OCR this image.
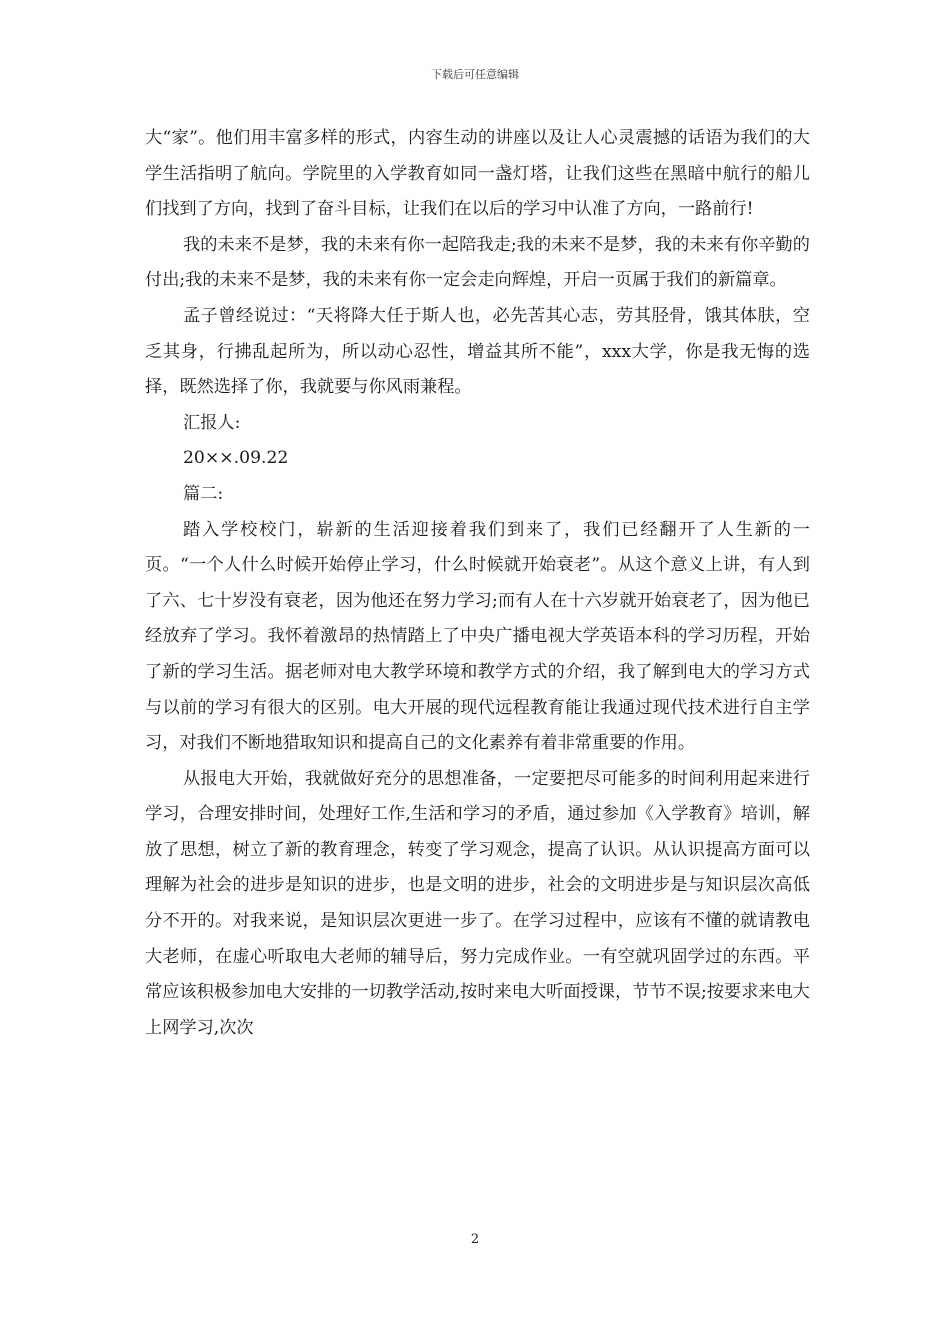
下载后可任意编辑

大“家”。他们用丰富多样的形式，内容生动的讲座以及让人心灵震撼的话语为我们的大学生活指明了航向。学院里的入学教育如同一盏灯塔，让我们这些在黑暗中航行的船儿们找到了方向，找到了奋斗目标，让我们在以后的学习中认准了方向，一路前行!

我的未来不是梦，我的未来有你一起陪我走;我的未来不是梦，我的未来有你辛勤的付出;我的未来不是梦，我的未来有你一定会走向辉煌，开启一页属于我们的新篇章。

孟子曾经说过：“天将降大任于斯人也，必先苦其心志，劳其胫骨，饿其体肤，空乏其身，行拂乱起所为，所以动心忍性，增益其所不能”，xxx大学，你是我无悔的选择，既然选择了你，我就要与你风雨兼程。

汇报人:

20××.09.22

篇二:

踏入学校校门，崭新的生活迎接着我们到来了，我们已经翻开了人生新的一页。“一个人什么时候开始停止学习，什么时候就开始衰老”。从这个意义上讲，有人到了六、七十岁没有衰老，因为他还在努力学习;而有人在十六岁就开始衰老了，因为他已经放弃了学习。我怀着激昂的热情踏上了中央广播电视大学英语本科的学习历程，开始了新的学习生活。据老师对电大教学环境和教学方式的介绍，我了解到电大的学习方式与以前的学习有很大的区别。电大开展的现代远程教育能让我通过现代技术进行自主学习，对我们不断地猎取知识和提高自己的文化素养有着非常重要的作用。

从报电大开始，我就做好充分的思想准备，一定要把尽可能多的时间利用起来进行学习，合理安排时间，处理好工作,生活和学习的矛盾，通过参加《入学教育》培训，解放了思想，树立了新的教育理念，转变了学习观念，提高了认识。从认识提高方面可以理解为社会的进步是知识的进步，也是文明的进步，社会的文明进步是与知识层次高低分不开的。对我来说，是知识层次更进一步了。在学习过程中，应该有不懂的就请教电大老师，在虚心听取电大老师的辅导后，努力完成作业。一有空就巩固学过的东西。平常应该积极参加电大安排的一切教学活动,按时来电大听面授课，节节不误;按要求来电大上网学习,次次

2
